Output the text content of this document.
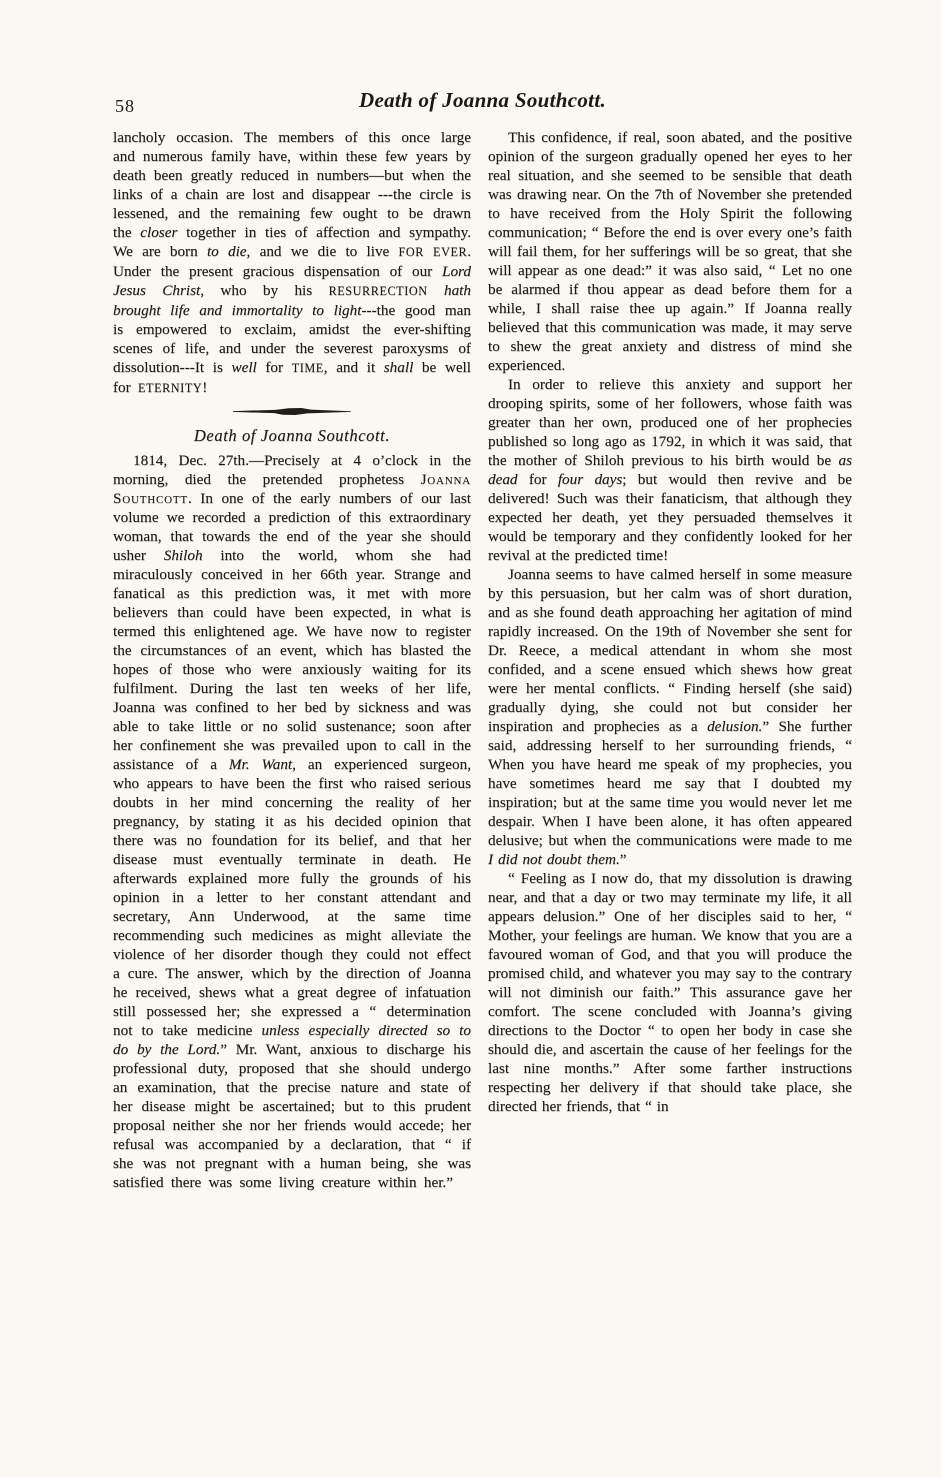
58	Death of Joanna Southcott.

lancholy occasion. The members of this once large and numerous family have, within these few years by death been greatly reduced in numbers—but when the links of a chain are lost and disappear ---the circle is lessened, and the remaining few ought to be drawn the closer together in ties of affection and sympathy. We are born to die, and we die to live FOR EVER. Under the present gracious dispensation of our Lord Jesus Christ, who by his RESURRECTION hath brought life and immortality to light---the good man is empowered to exclaim, amidst the ever-shifting scenes of life, and under the severest paroxysms of dissolution---It is well for TIME, and it shall be well for ETERNITY!

Death of Joanna Southcott.

1814, Dec. 27th.—Precisely at 4 o’clock in the morning, died the pretended prophetess Joanna Southcott. In one of the early numbers of our last volume we recorded a prediction of this extraordinary woman, that towards the end of the year she should usher Shiloh into the world, whom she had miraculously conceived in her 66th year. Strange and fanatical as this prediction was, it met with more believers than could have been expected, in what is termed this enlightened age. We have now to register the circumstances of an event, which has blasted the hopes of those who were anxiously waiting for its fulfilment. During the last ten weeks of her life, Joanna was confined to her bed by sickness and was able to take little or no solid sustenance; soon after her confinement she was prevailed upon to call in the assistance of a Mr. Want, an experienced surgeon, who appears to have been the first who raised serious doubts in her mind concerning the reality of her pregnancy, by stating it as his decided opinion that there was no foundation for its belief, and that her disease must eventually terminate in death. He afterwards explained more fully the grounds of his opinion in a letter to her constant attendant and secretary, Ann Underwood, at the same time recommending such medicines as might alleviate the violence of her disorder though they could not effect a cure. The answer, which by the direction of Joanna he received, shews what a great degree of infatuation still possessed her; she expressed a “ determination not to take medicine unless especially directed so to do by the Lord.” Mr. Want, anxious to discharge his professional duty, proposed that she should undergo an examination, that the precise nature and state of her disease might be ascertained; but to this prudent proposal neither she nor her friends would accede; her refusal was accompanied by a declaration, that “ if she was not pregnant with a human being, she was satisfied there was some living creature within her.”

This confidence, if real, soon abated, and the positive opinion of the surgeon gradually opened her eyes to her real situation, and she seemed to be sensible that death was drawing near. On the 7th of November she pretended to have received from the Holy Spirit the following communication; “ Before the end is over every one’s faith will fail them, for her sufferings will be so great, that she will appear as one dead:” it was also said, “ Let no one be alarmed if thou appear as dead before them for a while, I shall raise thee up again.” If Joanna really believed that this communication was made, it may serve to shew the great anxiety and distress of mind she experienced.

In order to relieve this anxiety and support her drooping spirits, some of her followers, whose faith was greater than her own, produced one of her prophecies published so long ago as 1792, in which it was said, that the mother of Shiloh previous to his birth would be as dead for four days; but would then revive and be delivered! Such was their fanaticism, that although they expected her death, yet they persuaded themselves it would be temporary and they confidently looked for her revival at the predicted time!

Joanna seems to have calmed herself in some measure by this persuasion, but her calm was of short duration, and as she found death approaching her agitation of mind rapidly increased. On the 19th of November she sent for Dr. Reece, a medical attendant in whom she most confided, and a scene ensued which shews how great were her mental conflicts. “ Finding herself (she said) gradually dying, she could not but consider her inspiration and prophecies as a delusion.” She further said, addressing herself to her surrounding friends, “ When you have heard me speak of my prophecies, you have sometimes heard me say that I doubted my inspiration; but at the same time you would never let me despair. When I have been alone, it has often appeared delusive; but when the communications were made to me I did not doubt them.”

“ Feeling as I now do, that my dissolution is drawing near, and that a day or two may terminate my life, it all appears delusion.” One of her disciples said to her, “ Mother, your feelings are human. We know that you are a favoured woman of God, and that you will produce the promised child, and whatever you may say to the contrary will not diminish our faith.” This assurance gave her comfort. The scene concluded with Joanna’s giving directions to the Doctor “ to open her body in case she should die, and ascertain the cause of her feelings for the last nine months.” After some farther instructions respecting her delivery if that should take place, she directed her friends, that “ in
